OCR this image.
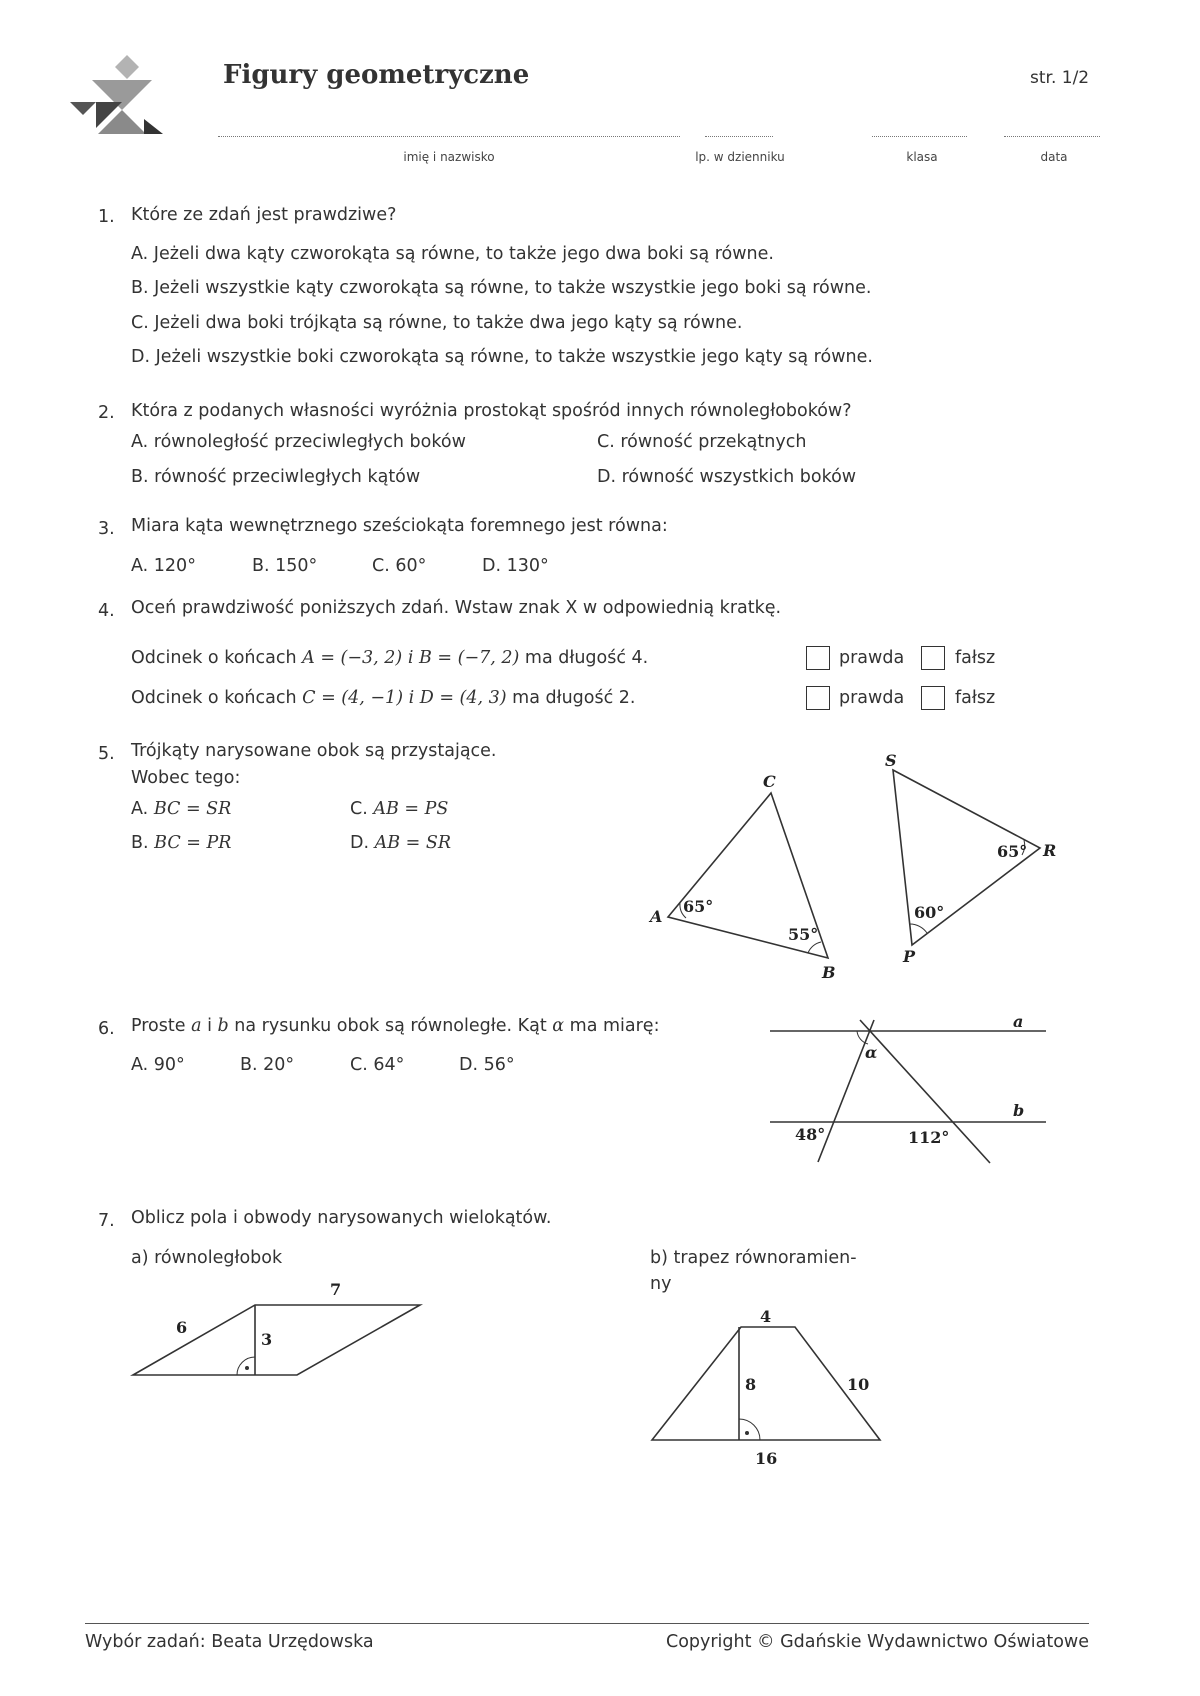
Figury geometryczne	str. 1/2
imię i nazwisko	lp. w dzienniku	klasa	data
1. Które ze zdań jest prawdziwe?
A. Jeżeli dwa kąty czworokąta są równe, to także jego dwa boki są równe.
B. Jeżeli wszystkie kąty czworokąta są równe, to także wszystkie jego boki są równe.
C. Jeżeli dwa boki trójkąta są równe, to także dwa jego kąty są równe.
D. Jeżeli wszystkie boki czworokąta są równe, to także wszystkie jego kąty są równe.
2. Która z podanych własności wyróżnia prostokąt spośród innych równoległoboków?
A. równoległość przeciwległych boków	C. równość przekątnych
B. równość przeciwległych kątów	D. równość wszystkich boków
3. Miara kąta wewnętrznego sześciokąta foremnego jest równa:
A. 120°	B. 150°	C. 60°	D. 130°
4. Oceń prawdziwość poniższych zdań. Wstaw znak X w odpowiednią kratkę.
Odcinek o końcach A = (−3, 2) i B = (−7, 2) ma długość 4.	prawda	fałsz
Odcinek o końcach C = (4, −1) i D = (4, 3) ma długość 2.	prawda	fałsz
5. Trójkąty narysowane obok są przystające.
Wobec tego:
A. BC = SR	C. AB = PS
B. BC = PR	D. AB = SR
A
B
C
S
R
P
65°
55°
65°
60°
6. Proste a i b na rysunku obok są równoległe. Kąt α ma miarę:
A. 90°	B. 20°	C. 64°	D. 56°
a
b
α
48°	112°
7. Oblicz pola i obwody narysowanych wielokątów.
a) równoległobok	b) trapez równoramien-
ny
7
6
3
4
8	10
16
Wybór zadań: Beata Urzędowska	Copyright © Gdańskie Wydawnictwo Oświatowe
